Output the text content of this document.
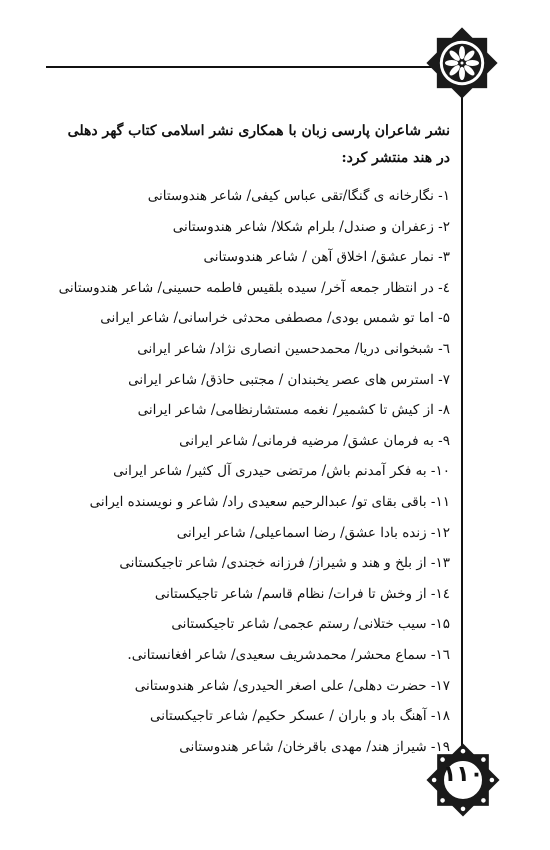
۱۱۰

نشر شاعران پارسی زبان با همکاری نشر اسلامی کتاب گهر دهلی در هند منتشر کرد:

۱- نگارخانه ی گنگا/تقی عباس کیفی/ شاعر هندوستانی
۲- زعفران و صندل/ بلرام شکلا/ شاعر هندوستانی
۳- نمار عشق/ اخلاق آهن / شاعر هندوستانی
٤- در انتظار جمعه آخر/ سیده بلقیس فاطمه حسینی/ شاعر هندوستانی
۵- اما تو شمس بودی/ مصطفی محدثی خراسانی/ شاعر ایرانی
٦- شبخوانی دریا/ محمدحسین انصاری نژاد/ شاعر ایرانی
۷- استرس های عصر یخبندان / مجتبی حاذق/ شاعر ایرانی
۸- از کیش تا کشمیر/ نغمه مستشارنظامی/ شاعر ایرانی
۹- به فرمان عشق/ مرضیه فرمانی/ شاعر ایرانی
۱۰- به فکر آمدنم باش/ مرتضی حیدری آل کثیر/ شاعر ایرانی
۱۱- باقی بقای تو/ عبدالرحیم سعیدی راد/ شاعر و نویسنده ایرانی
۱۲- زنده بادا عشق/ رضا اسماعیلی/ شاعر ایرانی
۱۳- از بلخ و هند و شیراز/ فرزانه خجندی/ شاعر تاجیکستانی
۱٤- از وخش تا فرات/ نظام قاسم/ شاعر تاجیکستانی
۱۵- سیب ختلانی/ رستم عجمی/ شاعر تاجیکستانی
۱٦- سماع محشر/ محمدشریف سعیدی/ شاعر افغانستانی.
۱۷- حضرت دهلی/ علی اصغر الحیدری/ شاعر هندوستانی
۱۸- آهنگ باد و باران / عسکر حکیم/ شاعر تاجیکستانی
۱۹- شیراز هند/ مهدی باقرخان/ شاعر هندوستانی
